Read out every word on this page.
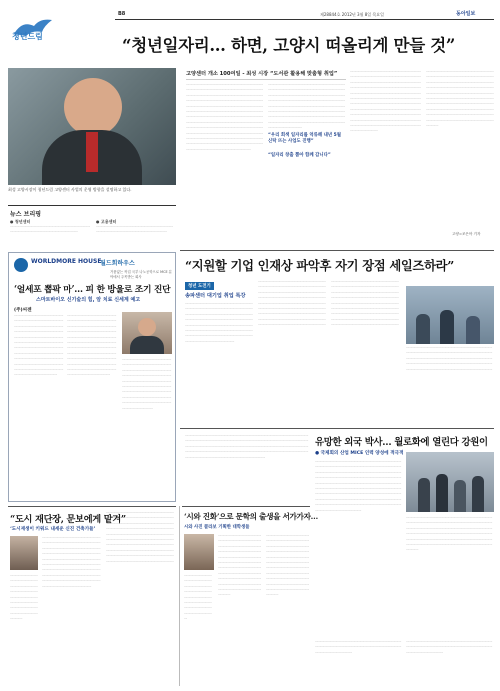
청년드림
B8	제28844호 2012년 3월 8일 목요일	동아일보
“청년일자리… 하면, 고양시 떠올리게 만들 것”
최성 고양시장이 청년드림 고양센터 사업의 운영 방향을 설명하고 있다.
고양센터 개소 100여일 - 최성 시장 “도서관 활용해 맞춤형 취업”
ㅡㅡㅡㅡㅡㅡㅡㅡㅡㅡㅡㅡㅡㅡㅡㅡㅡㅡㅡㅡㅡㅡㅡㅡㅡㅡㅡㅡㅡㅡㅡㅡㅡㅡㅡㅡㅡㅡㅡㅡㅡㅡㅡㅡㅡㅡㅡㅡㅡㅡㅡㅡㅡㅡㅡㅡㅡㅡㅡㅡㅡㅡㅡㅡㅡㅡㅡㅡㅡㅡㅡㅡㅡㅡㅡㅡㅡㅡㅡㅡㅡㅡㅡㅡㅡㅡㅡㅡㅡㅡㅡㅡㅡㅡㅡㅡㅡㅡㅡㅡㅡㅡㅡㅡㅡㅡㅡㅡㅡㅡㅡㅡㅡㅡㅡㅡㅡㅡㅡㅡㅡㅡㅡㅡㅡㅡㅡㅡㅡㅡㅡㅡㅡㅡㅡㅡㅡㅡㅡㅡㅡㅡㅡㅡㅡㅡㅡㅡㅡㅡㅡㅡㅡㅡㅡㅡㅡㅡㅡㅡㅡㅡㅡㅡㅡㅡㅡㅡㅡㅡㅡㅡㅡㅡㅡㅡㅡㅡㅡㅡㅡㅡㅡㅡㅡㅡㅡㅡㅡㅡㅡㅡㅡㅡㅡㅡㅡㅡㅡㅡㅡㅡㅡㅡㅡㅡㅡㅡㅡㅡㅡㅡㅡㅡㅡㅡㅡㅡㅡㅡㅡㅡㅡㅡㅡㅡㅡㅡㅡㅡㅡㅡㅡㅡㅡㅡㅡㅡㅡㅡㅡㅡㅡㅡㅡㅡㅡㅡㅡㅡㅡㅡㅡㅡㅡㅡㅡㅡㅡㅡㅡㅡㅡㅡㅡㅡㅡㅡㅡㅡㅡㅡㅡㅡㅡㅡㅡㅡㅡㅡㅡㅡㅡㅡㅡㅡㅡㅡㅡㅡㅡㅡㅡㅡㅡㅡㅡㅡㅡㅡㅡㅡㅡㅡㅡㅡㅡㅡㅡㅡㅡㅡㅡㅡㅡㅡㅡㅡㅡㅡㅡ
ㅡㅡㅡㅡㅡㅡㅡㅡㅡㅡㅡㅡㅡㅡㅡㅡㅡㅡㅡㅡㅡㅡㅡㅡㅡㅡㅡㅡㅡㅡㅡㅡㅡㅡㅡㅡㅡㅡㅡㅡㅡㅡㅡㅡㅡㅡㅡㅡㅡㅡㅡㅡㅡㅡㅡㅡㅡㅡㅡㅡㅡㅡㅡㅡㅡㅡㅡㅡㅡㅡㅡㅡㅡㅡㅡㅡㅡㅡㅡㅡㅡㅡㅡㅡㅡㅡㅡㅡㅡㅡㅡㅡㅡㅡㅡㅡㅡㅡㅡㅡㅡㅡㅡㅡㅡㅡㅡㅡㅡㅡㅡㅡㅡㅡㅡㅡㅡㅡㅡㅡㅡㅡㅡㅡㅡㅡㅡㅡㅡㅡㅡㅡㅡㅡㅡㅡㅡㅡㅡㅡㅡㅡㅡㅡㅡㅡㅡㅡㅡㅡㅡㅡㅡㅡㅡㅡㅡㅡㅡㅡㅡㅡㅡㅡㅡㅡㅡㅡㅡㅡㅡㅡㅡㅡㅡㅡㅡㅡㅡㅡㅡㅡㅡㅡㅡㅡㅡㅡㅡㅡㅡㅡㅡㅡㅡㅡㅡㅡㅡㅡㅡㅡㅡㅡㅡㅡㅡㅡㅡㅡㅡ
“우리 회색 일자리를 억류해 내년 5월 신탁 뜨는 사업도 진행”
“일자리 창출 뽑아 함께 갑니다”
ㅡㅡㅡㅡㅡㅡㅡㅡㅡㅡㅡㅡㅡㅡㅡㅡㅡㅡㅡㅡㅡㅡㅡㅡㅡㅡㅡㅡㅡㅡㅡㅡㅡㅡㅡㅡㅡㅡㅡㅡㅡㅡㅡㅡㅡㅡㅡㅡㅡㅡㅡㅡㅡㅡㅡㅡㅡㅡㅡㅡㅡㅡㅡㅡㅡㅡㅡㅡㅡㅡㅡㅡㅡㅡㅡㅡㅡㅡㅡㅡㅡㅡㅡㅡㅡㅡㅡㅡㅡㅡㅡㅡㅡㅡㅡㅡㅡㅡㅡㅡㅡㅡㅡㅡㅡㅡㅡㅡㅡㅡㅡㅡㅡㅡㅡㅡㅡㅡㅡㅡㅡㅡㅡㅡㅡㅡㅡㅡㅡㅡㅡㅡㅡㅡㅡㅡㅡㅡㅡㅡㅡㅡㅡㅡㅡㅡㅡㅡㅡㅡㅡㅡㅡㅡㅡㅡㅡㅡㅡㅡㅡㅡㅡㅡㅡㅡㅡㅡㅡㅡㅡㅡㅡㅡㅡㅡㅡㅡㅡㅡㅡㅡㅡㅡㅡㅡㅡㅡㅡㅡㅡㅡㅡㅡㅡㅡㅡㅡㅡㅡㅡㅡㅡㅡㅡㅡㅡㅡㅡㅡㅡㅡㅡㅡㅡㅡㅡㅡㅡㅡㅡㅡㅡㅡㅡㅡㅡㅡㅡㅡㅡㅡㅡㅡㅡㅡㅡㅡㅡㅡㅡㅡㅡㅡㅡㅡㅡㅡㅡㅡㅡㅡㅡㅡㅡㅡㅡㅡㅡㅡㅡㅡ
ㅡㅡㅡㅡㅡㅡㅡㅡㅡㅡㅡㅡㅡㅡㅡㅡㅡㅡㅡㅡㅡㅡㅡㅡㅡㅡㅡㅡㅡㅡㅡㅡㅡㅡㅡㅡㅡㅡㅡㅡㅡㅡㅡㅡㅡㅡㅡㅡㅡㅡㅡㅡㅡㅡㅡㅡㅡㅡㅡㅡㅡㅡㅡㅡㅡㅡㅡㅡㅡㅡㅡㅡㅡㅡㅡㅡㅡㅡㅡㅡㅡㅡㅡㅡㅡㅡㅡㅡㅡㅡㅡㅡㅡㅡㅡㅡㅡㅡㅡㅡㅡㅡㅡㅡㅡㅡㅡㅡㅡㅡㅡㅡㅡㅡㅡㅡㅡㅡㅡㅡㅡㅡㅡㅡㅡㅡㅡㅡㅡㅡㅡㅡㅡㅡㅡㅡㅡㅡㅡㅡㅡㅡㅡㅡㅡㅡㅡㅡㅡㅡㅡㅡㅡㅡㅡㅡㅡㅡㅡㅡㅡㅡㅡㅡㅡㅡㅡㅡㅡㅡㅡㅡㅡㅡㅡㅡㅡㅡㅡㅡㅡㅡㅡㅡㅡㅡㅡㅡㅡㅡㅡㅡㅡㅡㅡㅡㅡㅡㅡㅡㅡㅡㅡㅡㅡㅡㅡㅡㅡㅡㅡㅡㅡㅡㅡㅡㅡㅡㅡㅡㅡㅡㅡㅡ
고양=조은아 기자
뉴스 브리핑
● 청년센터
ㅡㅡㅡㅡㅡㅡㅡㅡㅡㅡㅡㅡㅡㅡㅡㅡㅡㅡㅡㅡㅡㅡㅡㅡㅡㅡㅡㅡㅡㅡㅡㅡㅡㅡㅡㅡㅡㅡㅡㅡㅡㅡㅡㅡㅡㅡㅡㅡ
● 고용센터
ㅡㅡㅡㅡㅡㅡㅡㅡㅡㅡㅡㅡㅡㅡㅡㅡㅡㅡㅡㅡㅡㅡㅡㅡㅡㅡㅡㅡㅡㅡㅡㅡㅡㅡㅡㅡㅡㅡㅡㅡㅡㅡㅡㅡㅡㅡㅡㅡ
“지원할 기업 인재상 파악후 자기 장점 세일즈하라”
청년 도전기
송파센터 대기업 취업 특강
ㅡㅡㅡㅡㅡㅡㅡㅡㅡㅡㅡㅡㅡㅡㅡㅡㅡㅡㅡㅡㅡㅡㅡㅡㅡㅡㅡㅡㅡㅡㅡㅡㅡㅡㅡㅡㅡㅡㅡㅡㅡㅡㅡㅡㅡㅡㅡㅡㅡㅡㅡㅡㅡㅡㅡㅡㅡㅡㅡㅡㅡㅡㅡㅡㅡㅡㅡㅡㅡㅡㅡㅡㅡㅡㅡㅡㅡㅡㅡㅡㅡㅡㅡㅡㅡㅡㅡㅡㅡㅡㅡㅡㅡㅡㅡㅡㅡㅡㅡㅡㅡㅡㅡㅡㅡㅡㅡㅡㅡㅡㅡㅡㅡㅡㅡㅡㅡㅡㅡㅡㅡㅡㅡㅡㅡㅡㅡㅡㅡㅡㅡㅡㅡㅡㅡㅡㅡㅡㅡㅡㅡㅡㅡㅡㅡㅡㅡㅡㅡㅡㅡㅡㅡㅡㅡㅡㅡㅡㅡㅡㅡㅡㅡㅡㅡㅡㅡㅡㅡㅡ
ㅡㅡㅡㅡㅡㅡㅡㅡㅡㅡㅡㅡㅡㅡㅡㅡㅡㅡㅡㅡㅡㅡㅡㅡㅡㅡㅡㅡㅡㅡㅡㅡㅡㅡㅡㅡㅡㅡㅡㅡㅡㅡㅡㅡㅡㅡㅡㅡㅡㅡㅡㅡㅡㅡㅡㅡㅡㅡㅡㅡㅡㅡㅡㅡㅡㅡㅡㅡㅡㅡㅡㅡㅡㅡㅡㅡㅡㅡㅡㅡㅡㅡㅡㅡㅡㅡㅡㅡㅡㅡㅡㅡㅡㅡㅡㅡㅡㅡㅡㅡㅡㅡㅡㅡㅡㅡㅡㅡㅡㅡㅡㅡㅡㅡㅡㅡㅡㅡㅡㅡㅡㅡㅡㅡㅡㅡㅡㅡㅡㅡㅡㅡㅡㅡㅡㅡㅡㅡㅡㅡㅡㅡㅡㅡㅡㅡㅡㅡㅡㅡㅡㅡㅡㅡㅡㅡㅡㅡㅡㅡㅡㅡㅡㅡㅡㅡㅡㅡㅡㅡㅡㅡㅡㅡㅡㅡㅡㅡㅡㅡㅡㅡㅡㅡㅡㅡㅡㅡㅡㅡㅡㅡㅡㅡㅡㅡㅡㅡ
ㅡㅡㅡㅡㅡㅡㅡㅡㅡㅡㅡㅡㅡㅡㅡㅡㅡㅡㅡㅡㅡㅡㅡㅡㅡㅡㅡㅡㅡㅡㅡㅡㅡㅡㅡㅡㅡㅡㅡㅡㅡㅡㅡㅡㅡㅡㅡㅡㅡㅡㅡㅡㅡㅡㅡㅡㅡㅡㅡㅡㅡㅡㅡㅡㅡㅡㅡㅡㅡㅡㅡㅡㅡㅡㅡㅡㅡㅡㅡㅡㅡㅡㅡㅡㅡㅡㅡㅡㅡㅡㅡㅡㅡㅡㅡㅡㅡㅡㅡㅡㅡㅡㅡㅡㅡㅡㅡㅡㅡㅡㅡㅡㅡㅡㅡㅡㅡㅡㅡㅡㅡㅡㅡㅡㅡㅡㅡㅡㅡㅡㅡㅡㅡㅡㅡㅡㅡㅡㅡㅡㅡㅡㅡㅡㅡㅡㅡㅡㅡㅡㅡㅡㅡㅡㅡㅡㅡㅡㅡㅡㅡㅡㅡㅡㅡㅡㅡㅡㅡㅡㅡㅡㅡㅡㅡㅡㅡㅡㅡㅡㅡㅡㅡㅡㅡㅡㅡㅡㅡㅡㅡㅡㅡㅡㅡㅡㅡㅡ
ㅡㅡㅡㅡㅡㅡㅡㅡㅡㅡㅡㅡㅡㅡㅡㅡㅡㅡㅡㅡㅡㅡㅡㅡㅡㅡㅡㅡㅡㅡㅡㅡㅡㅡㅡㅡㅡㅡㅡㅡㅡㅡㅡㅡㅡㅡㅡㅡㅡㅡㅡㅡㅡㅡㅡㅡㅡㅡㅡㅡㅡㅡㅡㅡㅡㅡㅡㅡㅡㅡㅡㅡㅡㅡㅡㅡㅡㅡㅡㅡㅡㅡㅡㅡㅡㅡㅡㅡㅡㅡㅡㅡㅡㅡㅡㅡㅡㅡㅡㅡㅡㅡㅡㅡㅡㅡㅡㅡㅡㅡㅡㅡㅡㅡㅡㅡㅡㅡㅡㅡㅡㅡㅡㅡㅡㅡㅡㅡㅡㅡㅡㅡㅡㅡㅡㅡㅡㅡㅡㅡ
WORLDMORE HOUSE
월드회하우스
거품없는 작업 국부 나노공학으로 MCE 분야에서 주목받는 회사
‘얼세포 뽑팍 마’… 피 한 방울로 조기 진단
스마트바이오 신기술의 힘, 암 치료 신세계 예고
(주)씨젠
ㅡㅡㅡㅡㅡㅡㅡㅡㅡㅡㅡㅡㅡㅡㅡㅡㅡㅡㅡㅡㅡㅡㅡㅡㅡㅡㅡㅡㅡㅡㅡㅡㅡㅡㅡㅡㅡㅡㅡㅡㅡㅡㅡㅡㅡㅡㅡㅡㅡㅡㅡㅡㅡㅡㅡㅡㅡㅡㅡㅡㅡㅡㅡㅡㅡㅡㅡㅡㅡㅡㅡㅡㅡㅡㅡㅡㅡㅡㅡㅡㅡㅡㅡㅡㅡㅡㅡㅡㅡㅡㅡㅡㅡㅡㅡㅡㅡㅡㅡㅡㅡㅡㅡㅡㅡㅡㅡㅡㅡㅡㅡㅡㅡㅡㅡㅡㅡㅡㅡㅡㅡㅡㅡㅡㅡㅡㅡㅡㅡㅡㅡㅡㅡㅡㅡㅡㅡㅡㅡㅡㅡㅡㅡㅡㅡㅡㅡㅡㅡㅡㅡㅡㅡㅡㅡㅡㅡㅡㅡㅡㅡㅡㅡㅡㅡㅡㅡㅡㅡㅡㅡㅡㅡㅡㅡㅡㅡㅡㅡㅡㅡㅡㅡㅡㅡㅡㅡㅡㅡㅡ
ㅡㅡㅡㅡㅡㅡㅡㅡㅡㅡㅡㅡㅡㅡㅡㅡㅡㅡㅡㅡㅡㅡㅡㅡㅡㅡㅡㅡㅡㅡㅡㅡㅡㅡㅡㅡㅡㅡㅡㅡㅡㅡㅡㅡㅡㅡㅡㅡㅡㅡㅡㅡㅡㅡㅡㅡㅡㅡㅡㅡㅡㅡㅡㅡㅡㅡㅡㅡㅡㅡㅡㅡㅡㅡㅡㅡㅡㅡㅡㅡㅡㅡㅡㅡㅡㅡㅡㅡㅡㅡㅡㅡㅡㅡㅡㅡㅡㅡㅡㅡㅡㅡㅡㅡㅡㅡㅡㅡㅡㅡㅡㅡㅡㅡㅡㅡㅡㅡㅡㅡㅡㅡㅡㅡㅡㅡㅡㅡㅡㅡㅡㅡㅡㅡㅡㅡㅡㅡㅡㅡㅡㅡㅡㅡㅡㅡㅡㅡㅡㅡㅡㅡㅡㅡㅡㅡㅡㅡㅡㅡㅡㅡㅡㅡㅡㅡㅡㅡㅡㅡㅡㅡㅡㅡㅡㅡㅡㅡㅡㅡㅡㅡㅡㅡㅡㅡㅡㅡㅡㅡ
ㅡㅡㅡㅡㅡㅡㅡㅡㅡㅡㅡㅡㅡㅡㅡㅡㅡㅡㅡㅡㅡㅡㅡㅡㅡㅡㅡㅡㅡㅡㅡㅡㅡㅡㅡㅡㅡㅡㅡㅡㅡㅡㅡㅡㅡㅡㅡㅡㅡㅡㅡㅡㅡㅡㅡㅡㅡㅡㅡㅡㅡㅡㅡㅡㅡㅡㅡㅡㅡㅡㅡㅡㅡㅡㅡㅡㅡㅡㅡㅡㅡㅡㅡㅡㅡㅡㅡㅡㅡㅡㅡㅡㅡㅡㅡㅡㅡㅡㅡㅡㅡㅡㅡㅡㅡㅡㅡㅡㅡㅡㅡㅡㅡㅡㅡㅡㅡㅡㅡㅡㅡㅡㅡㅡㅡㅡㅡㅡㅡㅡㅡㅡㅡㅡㅡㅡㅡㅡㅡㅡㅡㅡㅡㅡㅡㅡㅡㅡㅡㅡㅡㅡㅡㅡ
유망한 외국 박사… 월로화에 열린다 강원이
● 국제회의 산업 MICE 인력 양성에 적극적
ㅡㅡㅡㅡㅡㅡㅡㅡㅡㅡㅡㅡㅡㅡㅡㅡㅡㅡㅡㅡㅡㅡㅡㅡㅡㅡㅡㅡㅡㅡㅡㅡㅡㅡㅡㅡㅡㅡㅡㅡㅡㅡㅡㅡㅡㅡㅡㅡㅡㅡㅡㅡㅡㅡㅡㅡㅡㅡㅡㅡㅡㅡㅡㅡㅡㅡㅡㅡㅡㅡㅡㅡㅡㅡㅡㅡㅡㅡㅡㅡㅡㅡㅡㅡㅡㅡㅡㅡㅡㅡㅡㅡㅡㅡㅡㅡㅡㅡㅡㅡㅡㅡㅡㅡㅡㅡㅡㅡㅡㅡㅡㅡㅡㅡㅡㅡㅡㅡㅡㅡㅡㅡㅡㅡㅡㅡㅡㅡㅡㅡㅡㅡㅡㅡㅡㅡㅡㅡㅡㅡㅡㅡㅡㅡㅡㅡㅡㅡㅡㅡㅡㅡㅡㅡㅡㅡㅡㅡㅡㅡㅡㅡㅡㅡㅡㅡㅡㅡㅡㅡㅡㅡㅡㅡㅡㅡㅡㅡㅡㅡㅡㅡㅡㅡㅡㅡ
ㅡㅡㅡㅡㅡㅡㅡㅡㅡㅡㅡㅡㅡㅡㅡㅡㅡㅡㅡㅡㅡㅡㅡㅡㅡㅡㅡㅡㅡㅡㅡㅡㅡㅡㅡㅡㅡㅡㅡㅡㅡㅡㅡㅡㅡㅡㅡㅡㅡㅡㅡㅡㅡㅡㅡㅡㅡㅡㅡㅡㅡㅡㅡㅡㅡㅡㅡㅡㅡㅡㅡㅡㅡㅡㅡㅡㅡㅡㅡㅡㅡㅡㅡㅡㅡㅡㅡㅡㅡㅡㅡㅡㅡㅡㅡㅡㅡㅡㅡㅡㅡㅡㅡㅡㅡㅡㅡㅡㅡㅡㅡㅡㅡㅡㅡㅡㅡㅡㅡㅡㅡㅡㅡㅡㅡㅡㅡㅡㅡㅡㅡㅡㅡㅡㅡㅡㅡㅡㅡㅡㅡㅡㅡㅡㅡㅡㅡㅡㅡㅡㅡㅡㅡㅡㅡㅡㅡㅡㅡㅡㅡㅡㅡㅡㅡㅡㅡㅡㅡㅡㅡㅡㅡㅡㅡㅡㅡㅡㅡㅡㅡㅡㅡㅡㅡㅡㅡㅡㅡㅡㅡㅡㅡㅡㅡㅡㅡㅡㅡㅡㅡㅡㅡㅡㅡㅡㅡㅡㅡㅡㅡㅡㅡㅡㅡㅡㅡㅡㅡㅡㅡㅡㅡㅡㅡㅡㅡㅡㅡㅡㅡㅡㅡㅡㅡㅡㅡㅡㅡㅡㅡㅡㅡㅡㅡㅡㅡㅡㅡㅡㅡㅡㅡㅡㅡㅡㅡㅡㅡㅡㅡㅡㅡㅡㅡㅡㅡ
ㅡㅡㅡㅡㅡㅡㅡㅡㅡㅡㅡㅡㅡㅡㅡㅡㅡㅡㅡㅡㅡㅡㅡㅡㅡㅡㅡㅡㅡㅡㅡㅡㅡㅡㅡㅡㅡㅡㅡㅡㅡㅡㅡㅡㅡㅡㅡㅡㅡㅡㅡㅡㅡㅡㅡㅡㅡㅡㅡㅡㅡㅡㅡㅡㅡㅡㅡㅡㅡㅡㅡㅡㅡㅡㅡㅡㅡㅡㅡㅡㅡㅡㅡㅡㅡㅡㅡㅡㅡㅡㅡㅡㅡㅡㅡㅡㅡㅡㅡㅡㅡㅡㅡㅡㅡㅡㅡㅡㅡㅡㅡㅡㅡㅡㅡㅡㅡㅡㅡㅡㅡㅡㅡㅡㅡㅡㅡㅡㅡㅡㅡㅡㅡㅡㅡㅡㅡㅡㅡㅡㅡㅡㅡㅡㅡㅡㅡㅡㅡㅡㅡㅡㅡㅡㅡㅡㅡㅡㅡㅡㅡㅡㅡㅡㅡㅡㅡㅡㅡㅡㅡㅡ
“도시 재단장, 문보에게 맡겨”
‘도시재생이 키워드 내세운 신진 건축가들’
ㅡㅡㅡㅡㅡㅡㅡㅡㅡㅡㅡㅡㅡㅡㅡㅡㅡㅡㅡㅡㅡㅡㅡㅡㅡㅡㅡㅡㅡㅡㅡㅡㅡㅡㅡㅡㅡㅡㅡㅡㅡㅡㅡㅡㅡㅡㅡㅡㅡㅡㅡㅡㅡㅡㅡㅡㅡㅡㅡㅡㅡㅡㅡㅡㅡㅡㅡㅡㅡㅡㅡㅡㅡㅡㅡㅡㅡㅡㅡㅡㅡㅡㅡㅡㅡㅡㅡㅡㅡㅡㅡㅡㅡㅡㅡㅡㅡㅡㅡㅡㅡㅡㅡㅡㅡㅡㅡㅡㅡㅡㅡㅡㅡㅡㅡㅡㅡㅡㅡㅡㅡㅡㅡㅡㅡㅡㅡㅡㅡㅡㅡㅡㅡㅡㅡㅡㅡㅡㅡㅡㅡㅡㅡㅡㅡㅡㅡㅡㅡㅡㅡㅡㅡㅡㅡㅡㅡㅡㅡㅡㅡㅡㅡㅡㅡㅡㅡㅡㅡㅡㅡㅡㅡㅡㅡㅡㅡㅡㅡㅡㅡㅡㅡㅡㅡㅡㅡ
ㅡㅡㅡㅡㅡㅡㅡㅡㅡㅡㅡㅡㅡㅡㅡㅡㅡㅡㅡㅡㅡㅡㅡㅡㅡㅡㅡㅡㅡㅡㅡㅡㅡㅡㅡㅡㅡㅡㅡㅡㅡㅡㅡㅡㅡㅡㅡㅡㅡㅡㅡㅡㅡㅡㅡㅡㅡㅡㅡㅡㅡㅡㅡㅡㅡㅡㅡㅡㅡㅡㅡㅡㅡㅡㅡㅡ
ㅡㅡㅡㅡㅡㅡㅡㅡㅡㅡㅡㅡㅡㅡㅡㅡㅡㅡㅡㅡㅡㅡㅡㅡㅡㅡㅡㅡㅡㅡㅡㅡㅡㅡㅡㅡㅡㅡㅡㅡㅡㅡㅡㅡㅡㅡㅡㅡㅡㅡㅡㅡㅡㅡㅡㅡㅡㅡㅡㅡㅡㅡㅡㅡㅡㅡㅡㅡㅡㅡㅡㅡㅡㅡㅡㅡㅡㅡㅡㅡㅡㅡㅡㅡㅡㅡㅡㅡㅡㅡㅡㅡㅡㅡㅡㅡㅡㅡㅡㅡㅡㅡㅡㅡㅡㅡㅡㅡㅡㅡㅡㅡㅡㅡㅡㅡㅡㅡㅡㅡㅡㅡㅡㅡㅡㅡㅡㅡㅡㅡㅡㅡㅡㅡㅡㅡㅡㅡㅡㅡㅡㅡㅡㅡㅡㅡㅡㅡㅡㅡㅡㅡㅡㅡㅡㅡㅡㅡㅡㅡㅡㅡㅡㅡㅡㅡㅡㅡㅡㅡㅡㅡㅡㅡㅡㅡㅡㅡㅡㅡㅡㅡㅡㅡㅡㅡㅡㅡㅡㅡㅡㅡㅡㅡㅡㅡㅡㅡㅡㅡㅡㅡㅡㅡㅡㅡㅡㅡㅡㅡㅡㅡㅡㅡㅡㅡㅡㅡㅡㅡ
‘시와 진화’으로 문학의 출생을 서가가자…
시와 사진 콜라보 기획한 대학생들
ㅡㅡㅡㅡㅡㅡㅡㅡㅡㅡㅡㅡㅡㅡㅡㅡㅡㅡㅡㅡㅡㅡㅡㅡㅡㅡㅡㅡㅡㅡㅡㅡㅡㅡㅡㅡㅡㅡㅡㅡㅡㅡㅡㅡㅡㅡㅡㅡㅡㅡㅡㅡㅡㅡㅡㅡㅡㅡㅡㅡㅡㅡㅡㅡㅡㅡㅡㅡㅡㅡㅡㅡㅡㅡㅡㅡㅡㅡㅡㅡㅡㅡㅡㅡㅡㅡㅡㅡㅡㅡㅡㅡㅡㅡㅡㅡㅡㅡㅡㅡㅡㅡㅡㅡㅡㅡㅡㅡㅡㅡㅡㅡㅡㅡㅡㅡㅡㅡㅡㅡㅡㅡㅡㅡㅡㅡㅡㅡㅡㅡㅡㅡㅡㅡㅡㅡㅡㅡㅡㅡㅡㅡㅡㅡㅡㅡㅡㅡㅡㅡㅡㅡㅡㅡㅡㅡㅡㅡ
ㅡㅡㅡㅡㅡㅡㅡㅡㅡㅡㅡㅡㅡㅡㅡㅡㅡㅡㅡㅡㅡㅡㅡㅡㅡㅡㅡㅡㅡㅡㅡㅡㅡㅡㅡㅡㅡㅡㅡㅡㅡㅡㅡㅡㅡㅡㅡㅡㅡㅡㅡㅡㅡㅡㅡㅡㅡㅡㅡㅡㅡㅡㅡㅡㅡㅡㅡㅡㅡㅡㅡㅡㅡㅡㅡㅡㅡㅡㅡㅡㅡㅡㅡㅡㅡㅡㅡㅡㅡㅡㅡㅡㅡㅡㅡㅡㅡㅡㅡㅡㅡㅡㅡㅡㅡㅡㅡㅡㅡㅡㅡㅡㅡㅡㅡㅡㅡㅡㅡㅡㅡㅡㅡㅡㅡㅡㅡㅡㅡㅡㅡㅡㅡㅡㅡㅡㅡㅡㅡㅡㅡㅡㅡㅡㅡㅡㅡㅡㅡㅡㅡㅡㅡㅡㅡㅡㅡㅡ
ㅡㅡㅡㅡㅡㅡㅡㅡㅡㅡㅡㅡㅡㅡㅡㅡㅡㅡㅡㅡㅡㅡㅡㅡㅡㅡㅡㅡㅡㅡㅡㅡㅡㅡㅡㅡㅡㅡㅡㅡㅡㅡㅡㅡㅡㅡㅡㅡㅡㅡㅡㅡㅡㅡㅡㅡㅡㅡㅡㅡㅡㅡㅡㅡㅡㅡㅡㅡㅡㅡㅡㅡㅡ
ㅡㅡㅡㅡㅡㅡㅡㅡㅡㅡㅡㅡㅡㅡㅡㅡㅡㅡㅡㅡㅡㅡㅡㅡㅡㅡㅡㅡㅡㅡㅡㅡㅡㅡㅡㅡㅡㅡㅡㅡㅡㅡㅡㅡㅡㅡㅡㅡㅡㅡㅡㅡㅡㅡㅡㅡㅡㅡㅡㅡㅡㅡㅡㅡㅡㅡㅡㅡ
ㅡㅡㅡㅡㅡㅡㅡㅡㅡㅡㅡㅡㅡㅡㅡㅡㅡㅡㅡㅡㅡㅡㅡㅡㅡㅡㅡㅡㅡㅡㅡㅡㅡㅡㅡㅡㅡㅡㅡㅡㅡㅡㅡㅡㅡㅡㅡㅡㅡㅡㅡㅡㅡㅡㅡㅡㅡㅡㅡㅡㅡㅡㅡㅡㅡㅡㅡㅡ
